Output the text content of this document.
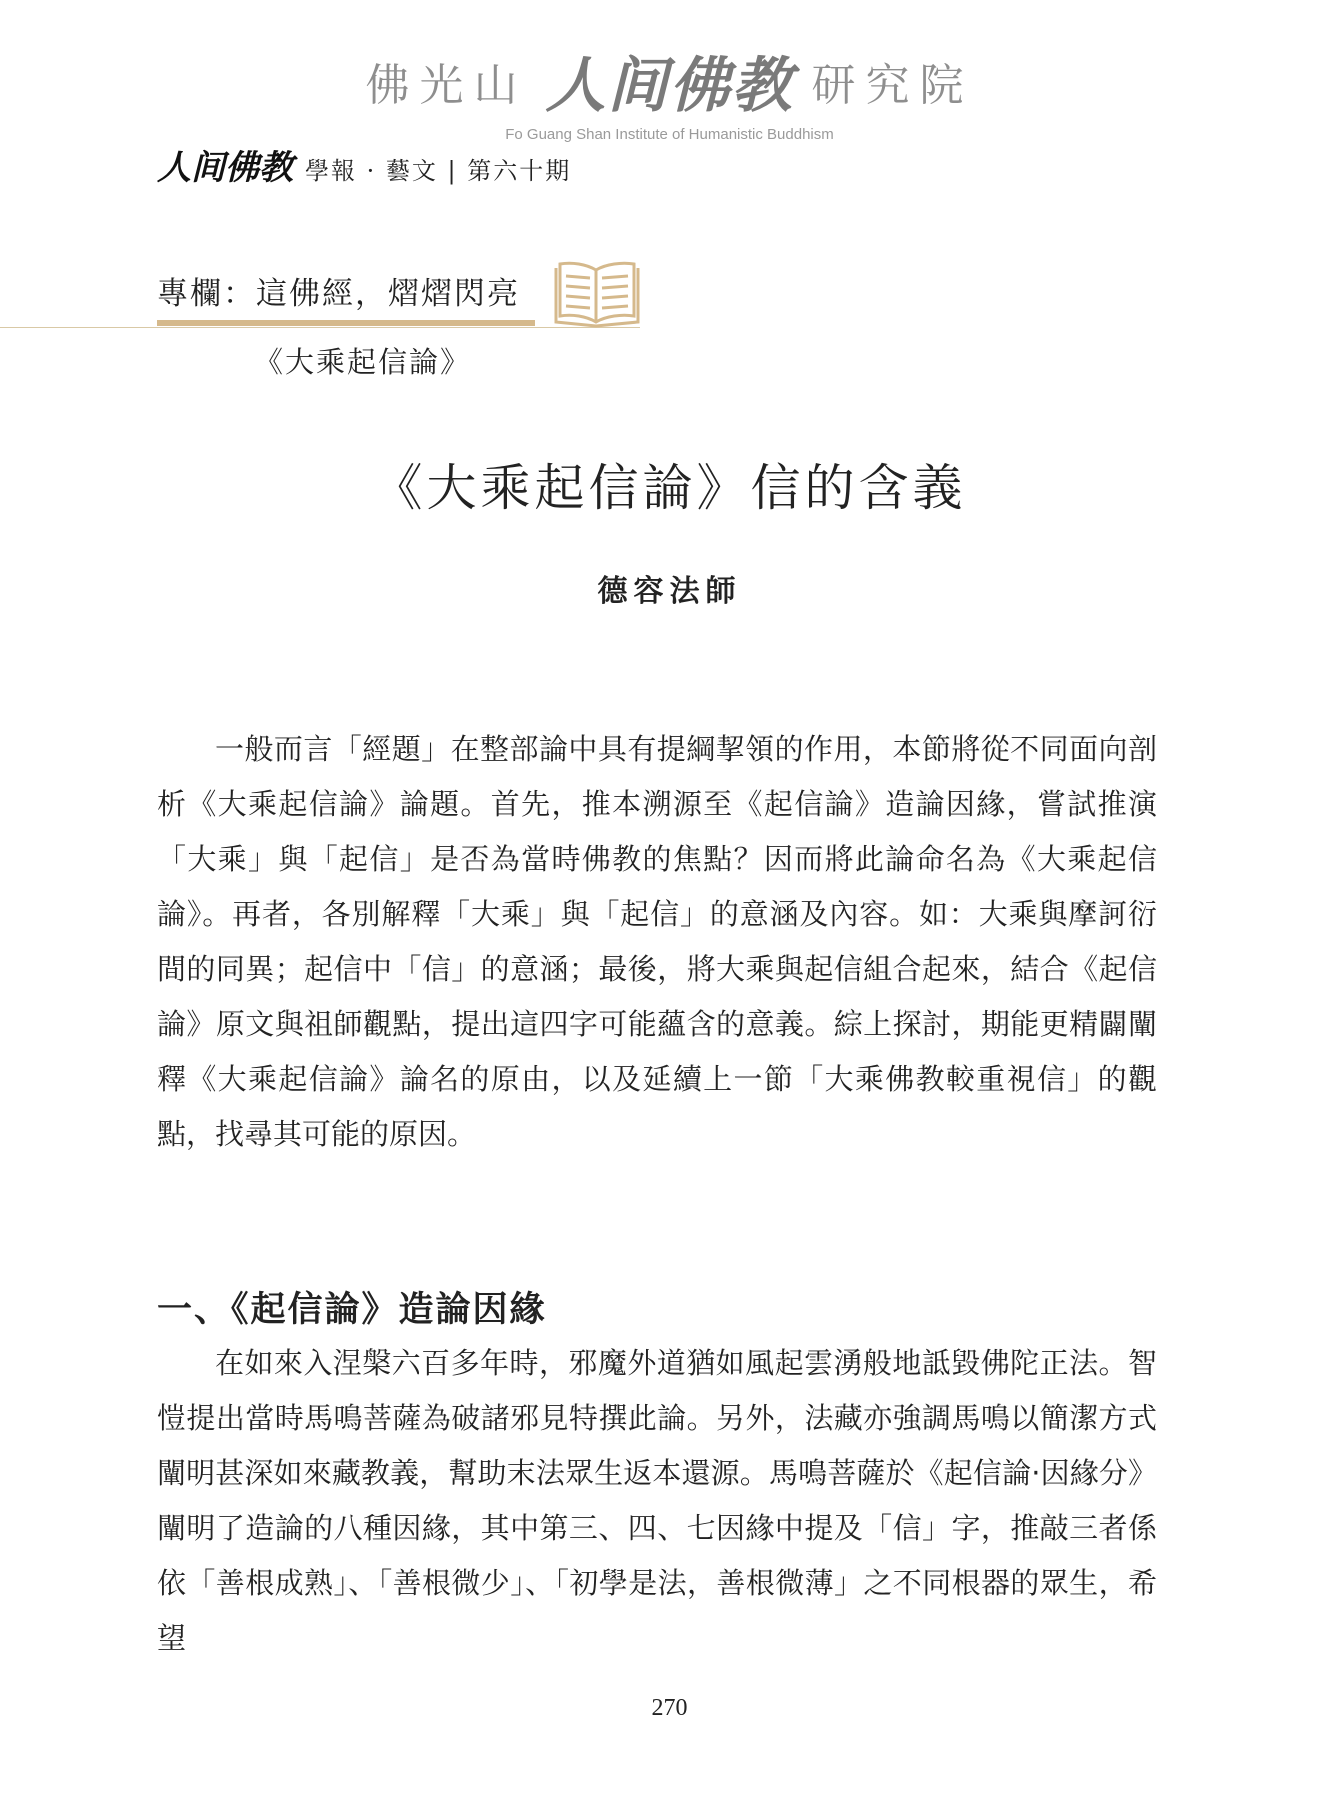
佛光山 人间佛教 研究院
Fo Guang Shan Institute of Humanistic Buddhism
人间佛教 學報 · 藝文 | 第六十期
專欄：這佛經，熠熠閃亮
《大乘起信論》
《大乘起信論》信的含義
德容法師

一般而言「經題」在整部論中具有提綱挈領的作用，本節將從不同面向剖析《大乘起信論》論題。首先，推本溯源至《起信論》造論因緣，嘗試推演「大乘」與「起信」是否為當時佛教的焦點？因而將此論命名為《大乘起信論》。再者，各別解釋「大乘」與「起信」的意涵及內容。如：大乘與摩訶衍間的同異；起信中「信」的意涵；最後，將大乘與起信組合起來，結合《起信論》原文與祖師觀點，提出這四字可能蘊含的意義。綜上探討，期能更精闢闡釋《大乘起信論》論名的原由，以及延續上一節「大乘佛教較重視信」的觀點，找尋其可能的原因。

一、《起信論》造論因緣

在如來入涅槃六百多年時，邪魔外道猶如風起雲湧般地詆毀佛陀正法。智愷提出當時馬鳴菩薩為破諸邪見特撰此論。另外，法藏亦強調馬鳴以簡潔方式闡明甚深如來藏教義，幫助末法眾生返本還源。馬鳴菩薩於《起信論·因緣分》闡明了造論的八種因緣，其中第三、四、七因緣中提及「信」字，推敲三者係依「善根成熟」、「善根微少」、「初學是法，善根微薄」之不同根器的眾生，希望

270
